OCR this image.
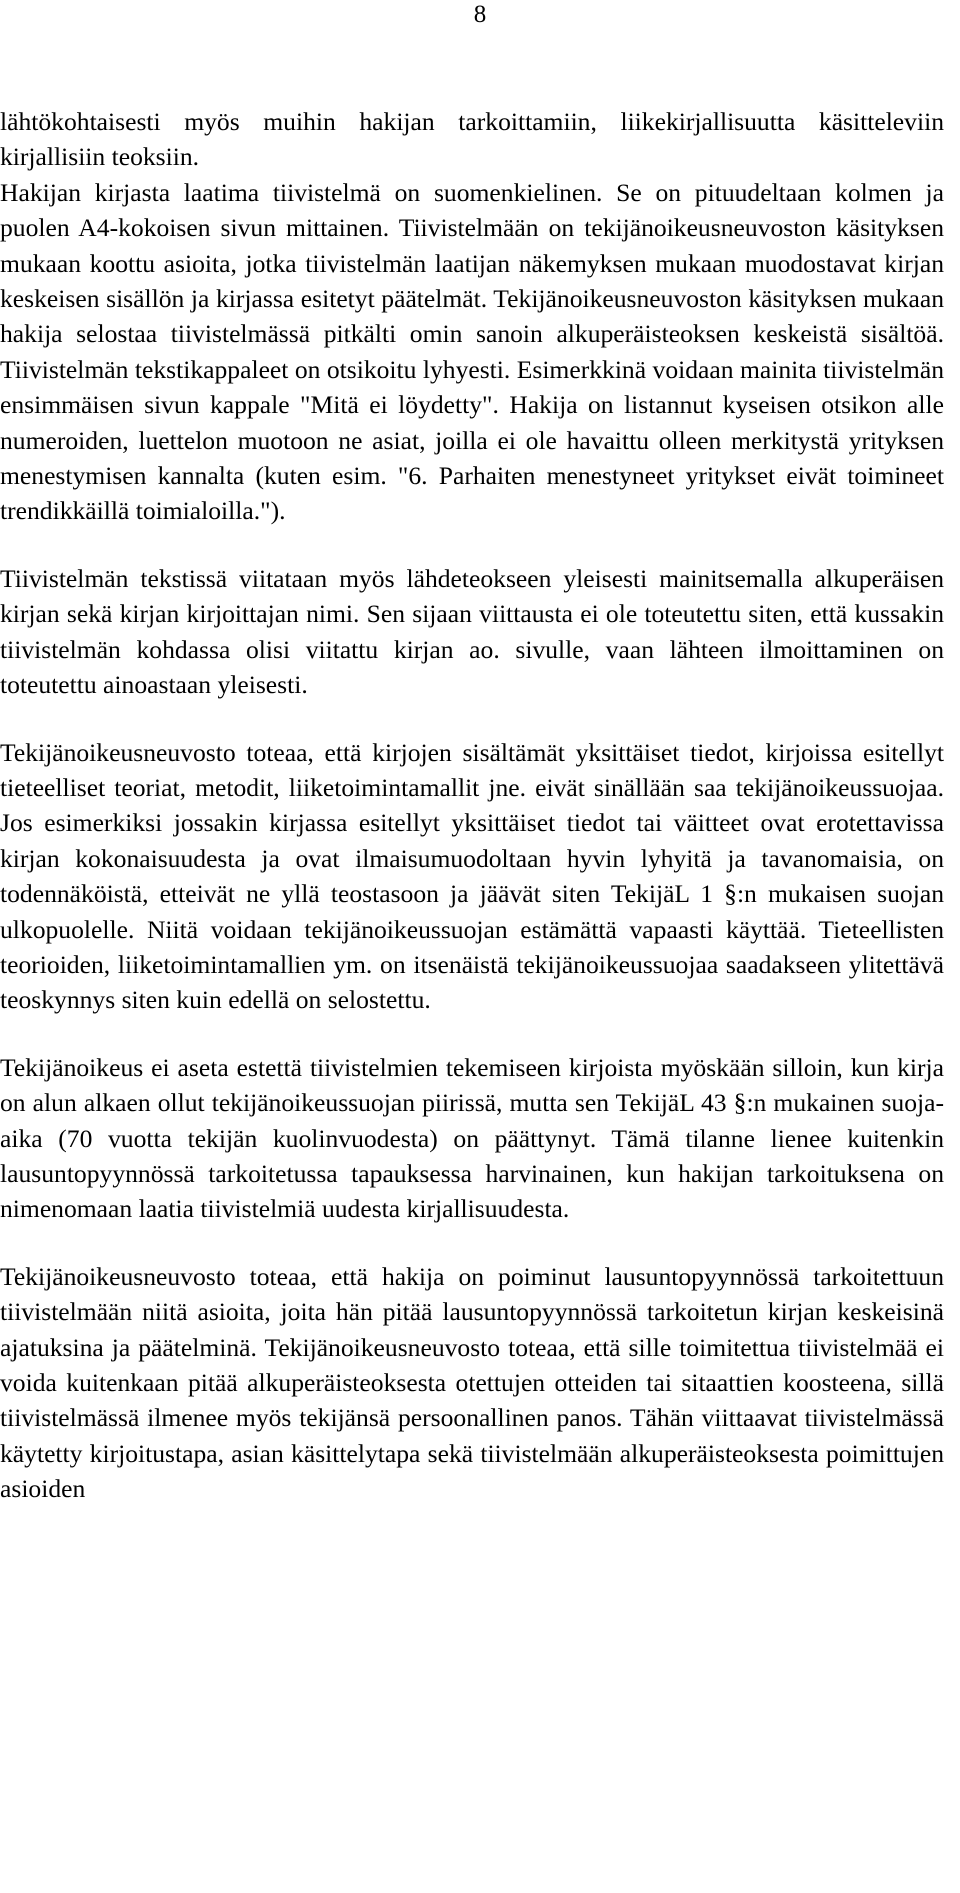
8

lähtökohtaisesti myös muihin hakijan tarkoittamiin, liikekirjallisuutta käsitteleviin kirjallisiin teoksiin.

Hakijan kirjasta laatima tiivistelmä on suomenkielinen. Se on pituudeltaan kolmen ja puolen A4-kokoisen sivun mittainen. Tiivistelmään on tekijänoikeusneuvoston käsityksen mukaan koottu asioita, jotka tiivistelmän laatijan näkemyksen mukaan muodostavat kirjan keskeisen sisällön ja kirjassa esitetyt päätelmät. Tekijänoikeusneuvoston käsityksen mukaan hakija selostaa tiivistelmässä pitkälti omin sanoin alkuperäisteoksen keskeistä sisältöä. Tiivistelmän tekstikappaleet on otsikoitu lyhyesti. Esimerkkinä voidaan mainita tiivistelmän ensimmäisen sivun kappale "Mitä ei löydetty". Hakija on listannut kyseisen otsikon alle numeroiden, luettelon muotoon ne asiat, joilla ei ole havaittu olleen merkitystä yrityksen menestymisen kannalta (kuten esim. "6. Parhaiten menestyneet yritykset eivät toimineet trendikkäillä toimialoilla.").

Tiivistelmän tekstissä viitataan myös lähdeteokseen yleisesti mainitsemalla alkuperäisen kirjan sekä kirjan kirjoittajan nimi. Sen sijaan viittausta ei ole toteutettu siten, että kussakin tiivistelmän kohdassa olisi viitattu kirjan ao. sivulle, vaan lähteen ilmoittaminen on toteutettu ainoastaan yleisesti.

Tekijänoikeusneuvosto toteaa, että kirjojen sisältämät yksittäiset tiedot, kirjoissa esitellyt tieteelliset teoriat, metodit, liiketoimintamallit jne. eivät sinällään saa tekijänoikeussuojaa. Jos esimerkiksi jossakin kirjassa esitellyt yksittäiset tiedot tai väitteet ovat erotettavissa kirjan kokonaisuudesta ja ovat ilmaisumuodoltaan hyvin lyhyitä ja tavanomaisia, on todennäköistä, etteivät ne yllä teostasoon ja jäävät siten TekijäL 1 §:n mukaisen suojan ulkopuolelle. Niitä voidaan tekijänoikeussuojan estämättä vapaasti käyttää. Tieteellisten teorioiden, liiketoimintamallien ym. on itsenäistä tekijänoikeussuojaa saadakseen ylitettävä teoskynnys siten kuin edellä on selostettu.

Tekijänoikeus ei aseta estettä tiivistelmien tekemiseen kirjoista myöskään silloin, kun kirja on alun alkaen ollut tekijänoikeussuojan piirissä, mutta sen TekijäL 43 §:n mukainen suoja-aika (70 vuotta tekijän kuolinvuodesta) on päättynyt. Tämä tilanne lienee kuitenkin lausuntopyynnössä tarkoitetussa tapauksessa harvinainen, kun hakijan tarkoituksena on nimenomaan laatia tiivistelmiä uudesta kirjallisuudesta.

Tekijänoikeusneuvosto toteaa, että hakija on poiminut lausuntopyynnössä tarkoitettuun tiivistelmään niitä asioita, joita hän pitää lausuntopyynnössä tarkoitetun kirjan keskeisinä ajatuksina ja päätelminä. Tekijänoikeusneuvosto toteaa, että sille toimitettua tiivistelmää ei voida kuitenkaan pitää alkuperäisteoksesta otettujen otteiden tai sitaattien koosteena, sillä tiivistelmässä ilmenee myös tekijänsä persoonallinen panos. Tähän viittaavat tiivistelmässä käytetty kirjoitustapa, asian käsittelytapa sekä tiivistelmään alkuperäisteoksesta poimittujen asioiden
